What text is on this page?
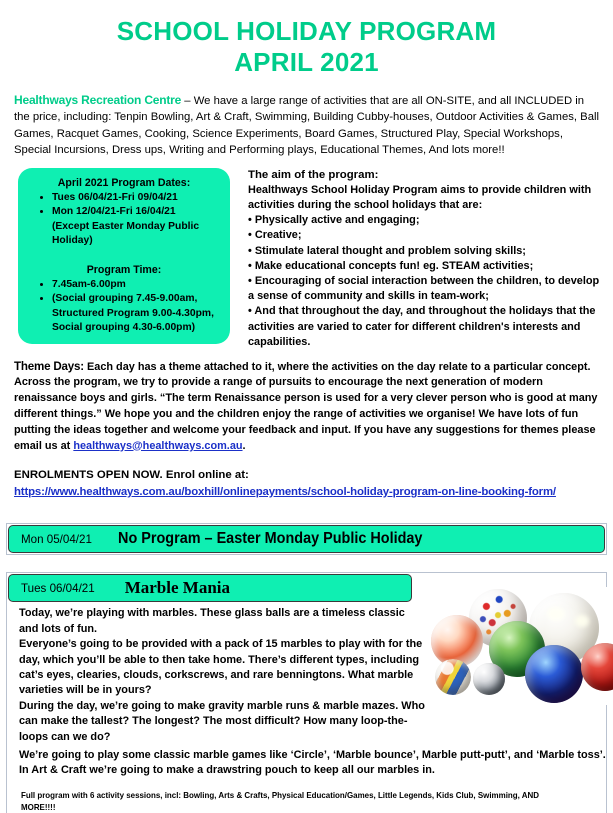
SCHOOL HOLIDAY PROGRAM
APRIL 2021
Healthways Recreation Centre – We have a large range of activities that are all ON-SITE, and all INCLUDED in the price, including: Tenpin Bowling, Art & Craft, Swimming, Building Cubby-houses, Outdoor Activities & Games, Ball Games, Racquet Games, Cooking, Science Experiments, Board Games, Structured Play, Special Workshops, Special Incursions, Dress ups, Writing and Performing plays, Educational Themes, And lots more!!
April 2021 Program Dates:
• Tues 06/04/21-Fri 09/04/21
• Mon 12/04/21-Fri 16/04/21
(Except Easter Monday Public Holiday)
Program Time:
• 7.45am-6.00pm
• (Social grouping 7.45-9.00am,
Structured Program 9.00-4.30pm,
Social grouping 4.30-6.00pm)

The aim of the program:

Healthways School Holiday Program aims to provide children with activities during the school holidays that are:

• Physically active and engaging;

• Creative;

• Stimulate lateral thought and problem solving skills;

• Make educational concepts fun! eg. STEAM activities;

• Encouraging of social interaction between the children, to develop a sense of community and skills in team-work;

• And that throughout the day, and throughout the holidays that the activities are varied to cater for different children's interests and capabilities.

Theme Days: Each day has a theme attached to it, where the activities on the day relate to a particular concept. Across the program, we try to provide a range of pursuits to encourage the next generation of modern renaissance boys and girls. “The term Renaissance person is used for a very clever person who is good at many different things.” We hope you and the children enjoy the range of activities we organise! We have lots of fun putting the ideas together and welcome your feedback and input. If you have any suggestions for themes please email us at healthways@healthways.com.au.
ENROLMENTS OPEN NOW. Enrol online at:
https://www.healthways.com.au/boxhill/onlinepayments/school-holiday-program-on-line-booking-form/
Mon 05/04/21	No Program – Easter Monday Public Holiday
Tues 06/04/21	Marble Mania

Today, we’re playing with marbles. These glass balls are a timeless classic and lots of fun.

Everyone’s going to be provided with a pack of 15 marbles to play with for the day, which you’ll be able to then take home. There’s different types, including cat’s eyes, clearies, clouds, corkscrews, and rare benningtons. What marble varieties will be in yours?

During the day, we’re going to make gravity marble runs & marble mazes. Who can make the tallest? The longest? The most difficult? How many loop-the-loops can we do?

We’re going to play some classic marble games like ‘Circle’, ‘Marble bounce’, Marble putt-putt’, and ‘Marble toss’.

In Art & Craft we’re going to make a drawstring pouch to keep all our marbles in.

Full program with 6 activity sessions, incl: Bowling, Arts & Crafts, Physical Education/Games, Little Legends, Kids Club, Swimming, AND MORE!!!!
